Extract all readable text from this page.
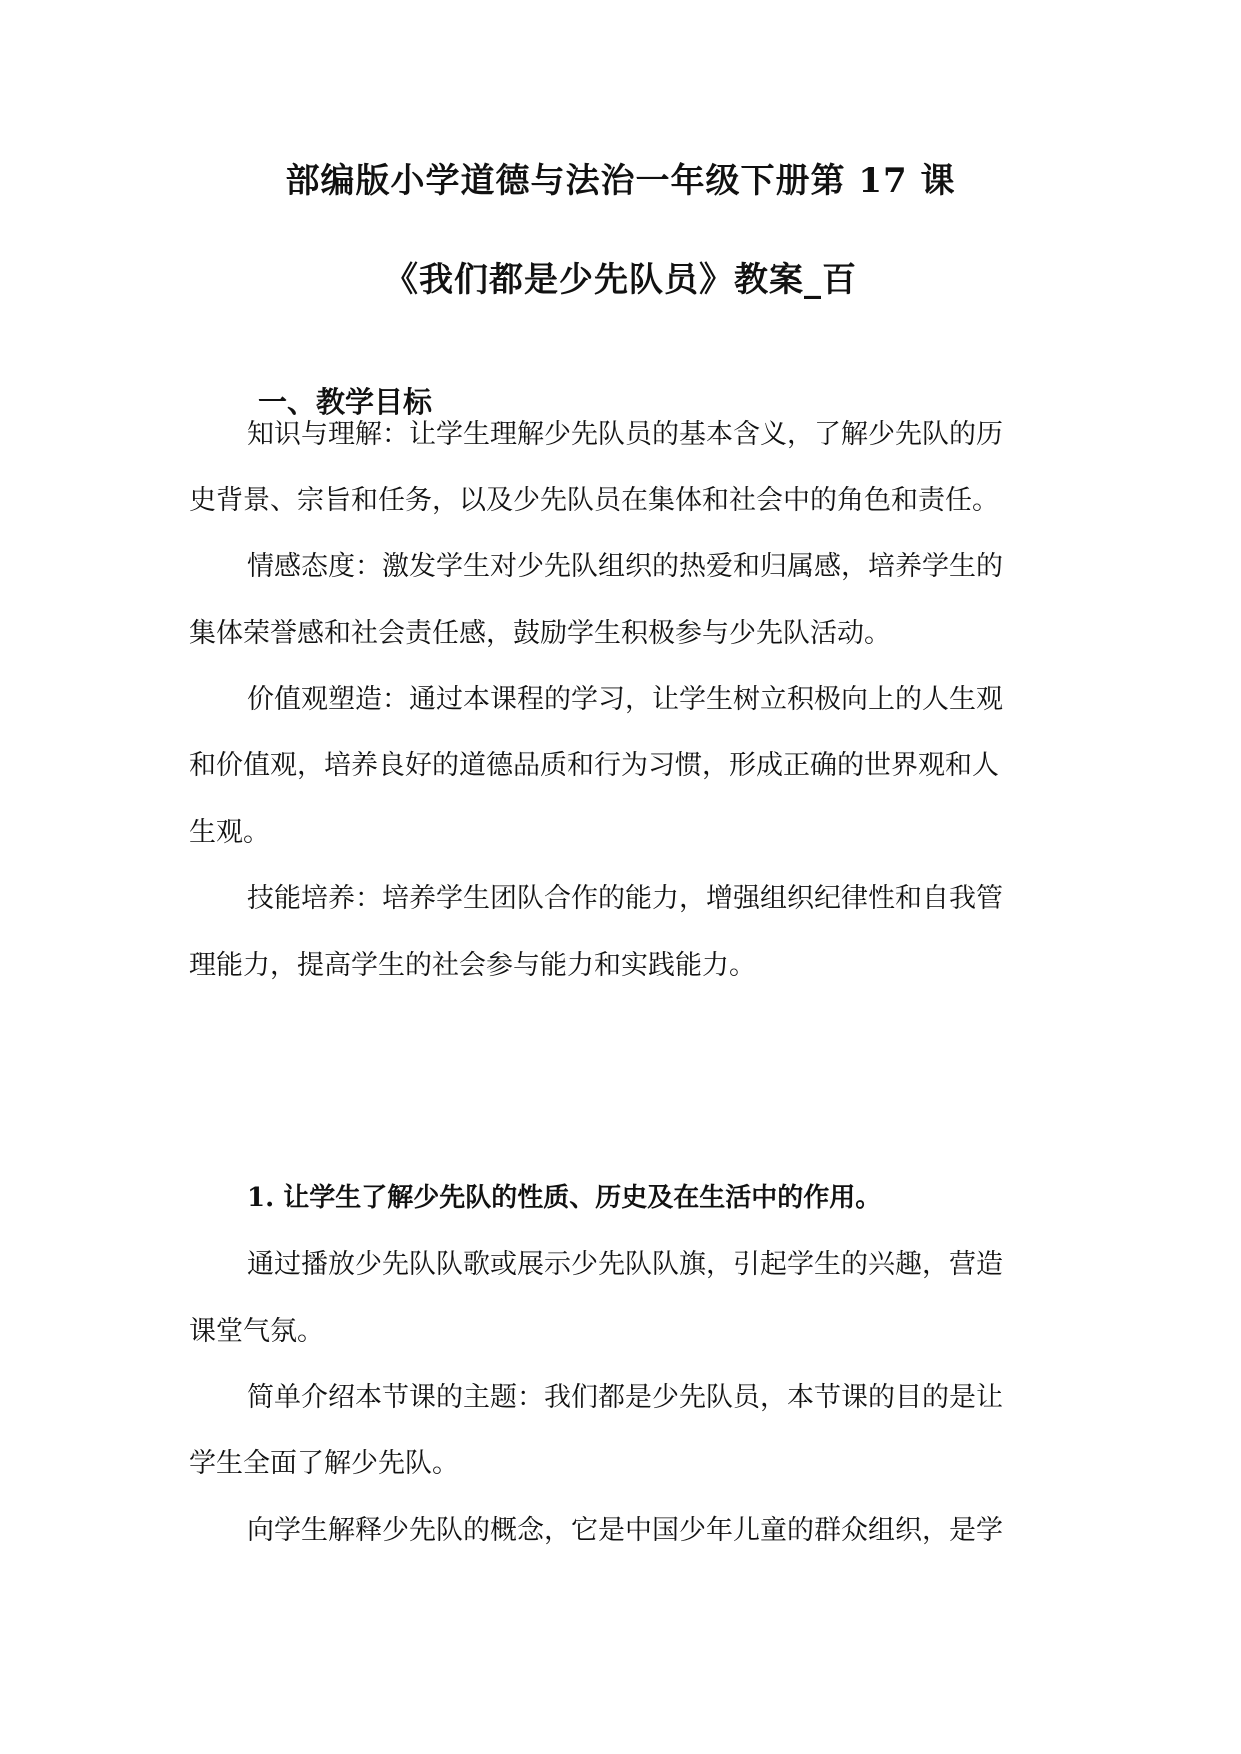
部编版小学道德与法治一年级下册第 17 课
《我们都是少先队员》教案_百
一、教学目标
知识与理解：让学生理解少先队员的基本含义，了解少先队的历
史背景、宗旨和任务，以及少先队员在集体和社会中的角色和责任。
情感态度：激发学生对少先队组织的热爱和归属感，培养学生的
集体荣誉感和社会责任感，鼓励学生积极参与少先队活动。
价值观塑造：通过本课程的学习，让学生树立积极向上的人生观
和价值观，培养良好的道德品质和行为习惯，形成正确的世界观和人
生观。
技能培养：培养学生团队合作的能力，增强组织纪律性和自我管
理能力，提高学生的社会参与能力和实践能力。
1. 让学生了解少先队的性质、历史及在生活中的作用。
通过播放少先队队歌或展示少先队队旗，引起学生的兴趣，营造
课堂气氛。
简单介绍本节课的主题：我们都是少先队员，本节课的目的是让
学生全面了解少先队。
向学生解释少先队的概念，它是中国少年儿童的群众组织，是学
